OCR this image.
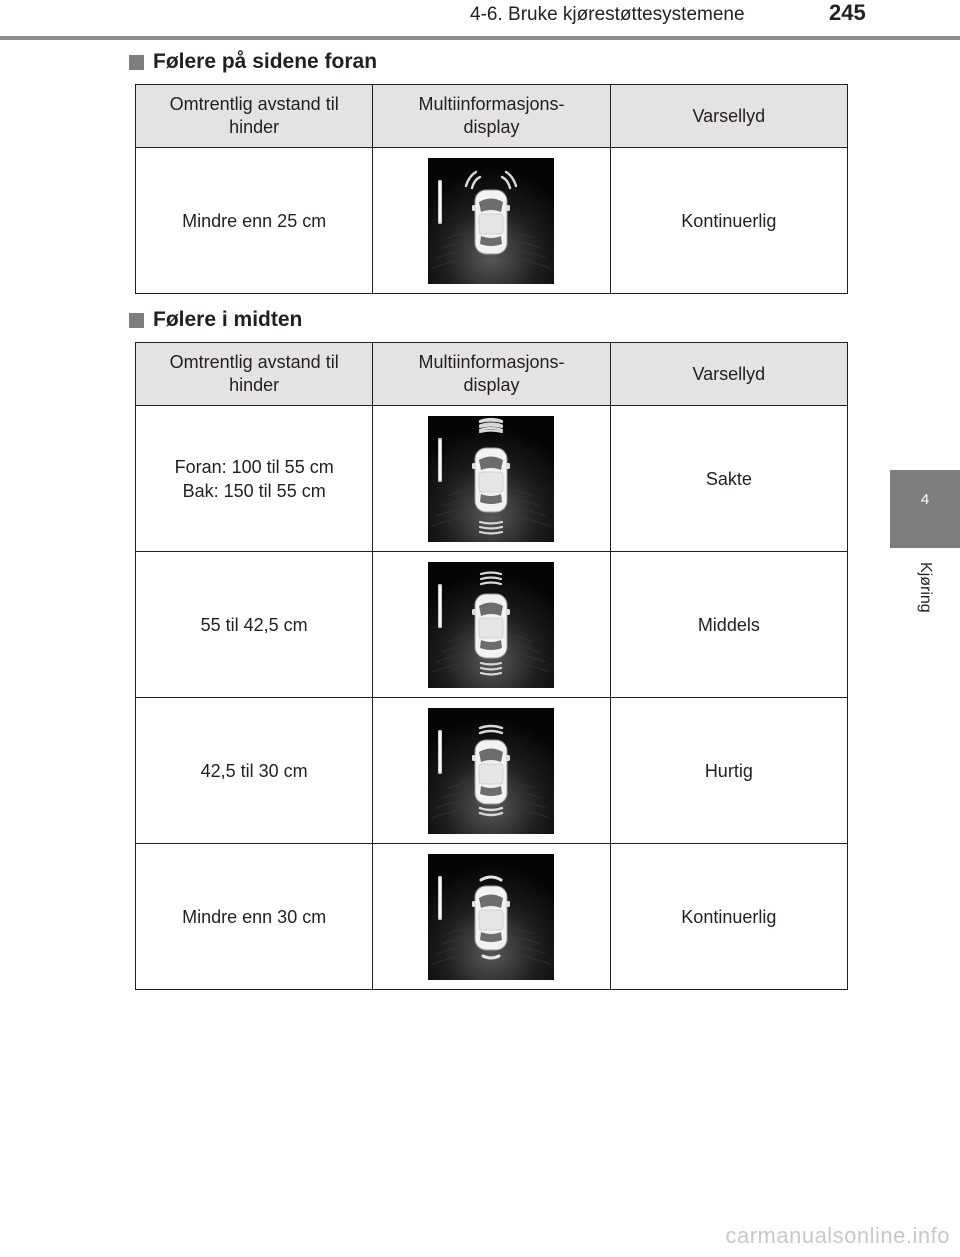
4-6. Bruke kjørestøttesystemene	245
4
Kjøring
Følere på sidene foran
Omtrentlig avstand til hinder	Multiinformasjons-display	Varsellyd
Mindre enn 25 cm		Kontinuerlig
Følere i midten
Omtrentlig avstand til hinder	Multiinformasjons-display	Varsellyd
Foran: 100 til 55 cm
Bak: 150 til 55 cm		Sakte
55 til 42,5 cm		Middels
42,5 til 30 cm		Hurtig
Mindre enn 30 cm		Kontinuerlig
carmanualsonline.info
